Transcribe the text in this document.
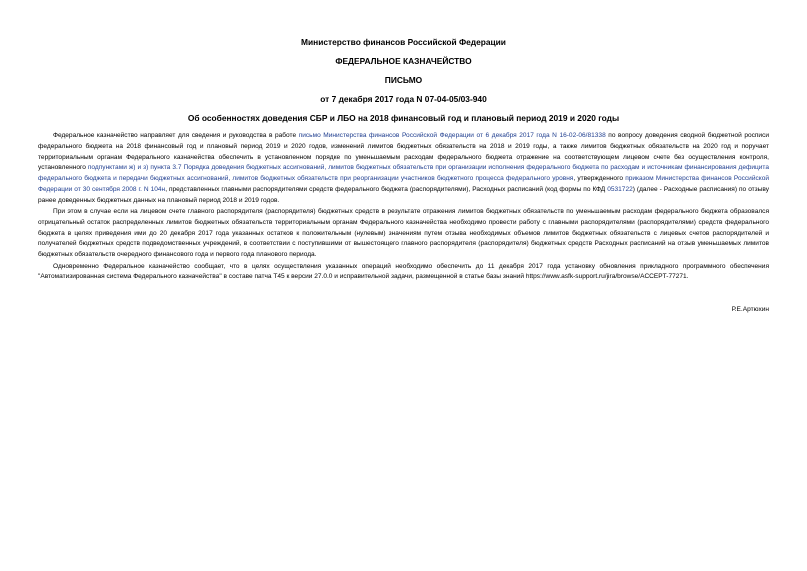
Министерство финансов Российской Федерации
ФЕДЕРАЛЬНОЕ КАЗНАЧЕЙСТВО
ПИСЬМО
от 7 декабря 2017 года N 07-04-05/03-940
Об особенностях доведения СБР и ЛБО на 2018 финансовый год и плановый период 2019 и 2020 годы

Федеральное казначейство направляет для сведения и руководства в работе письмо Министерства финансов Российской Федерации от 6 декабря 2017 года N 16-02-06/81338 по вопросу доведения сводной бюджетной росписи федерального бюджета на 2018 финансовый год и плановый период 2019 и 2020 годов, изменений лимитов бюджетных обязательств на 2018 и 2019 годы, а также лимитов бюджетных обязательств на 2020 год и поручает территориальным органам Федерального казначейства обеспечить в установленном порядке по уменьшаемым расходам федерального бюджета отражение на соответствующем лицевом счете без осуществления контроля, установленного подпунктами ж) и з) пункта 3.7 Порядка доведения бюджетных ассигнований, лимитов бюджетных обязательств при организации исполнения федерального бюджета по расходам и источникам финансирования дефицита федерального бюджета и передачи бюджетных ассигнований, лимитов бюджетных обязательств при реорганизации участников бюджетного процесса федерального уровня, утвержденного приказом Министерства финансов Российской Федерации от 30 сентября 2008 г. N 104н, представленных главными распорядителями средств федерального бюджета (распорядителями), Расходных расписаний (код формы по КФД 0531722) (далее - Расходные расписания) по отзыву ранее доведенных бюджетных данных на плановый период 2018 и 2019 годов.

При этом в случае если на лицевом счете главного распорядителя (распорядителя) бюджетных средств в результате отражения лимитов бюджетных обязательств по уменьшаемым расходам федерального бюджета образовался отрицательный остаток распределенных лимитов бюджетных обязательств территориальным органам Федерального казначейства необходимо провести работу с главными распорядителями (распорядителями) средств федерального бюджета в целях приведения ими до 20 декабря 2017 года указанных остатков к положительным (нулевым) значениям путем отзыва необходимых объемов лимитов бюджетных обязательств с лицевых счетов распорядителей и получателей бюджетных средств подведомственных учреждений, в соответствии с поступившими от вышестоящего главного распорядителя (распорядителя) бюджетных средств Расходных расписаний на отзыв уменьшаемых лимитов бюджетных обязательств очередного финансового года и первого года планового периода.

Одновременно Федеральное казначейство сообщает, что в целях осуществления указанных операций необходимо обеспечить до 11 декабря 2017 года установку обновления прикладного программного обеспечения "Автоматизированная система Федерального казначейства" в составе патча Т45 к версии 27.0.0 и исправительной задачи, размещенной в статье базы знаний https://www.asfk-support.ru/jira/browse/ACCEPT-77271.

Р.Е.Артюхин
